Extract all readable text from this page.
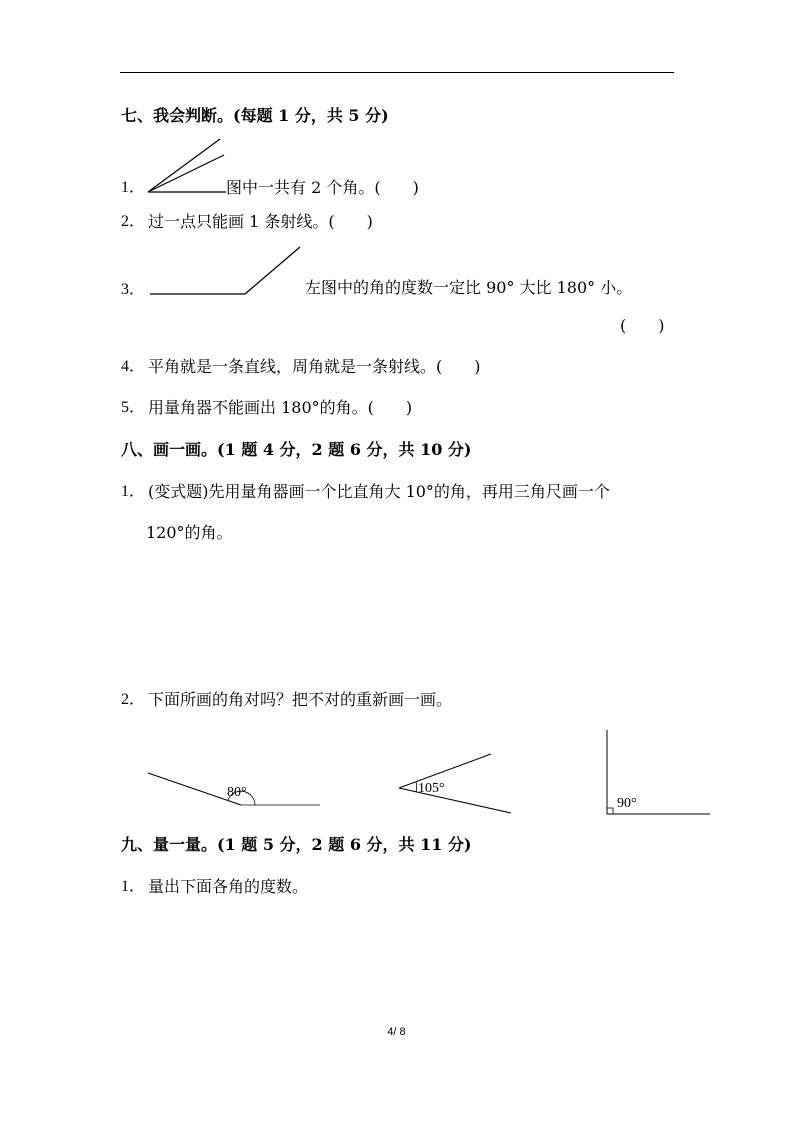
七、我会判断。(每题 1 分，共 5 分)
1．	图中一共有 2 个角。(　　)
2． 过一点只能画 1 条射线。(　　)
3．	左图中的角的度数一定比 90° 大比 180° 小。
(　　)
4． 平角就是一条直线，周角就是一条射线。(　　)
5． 用量角器不能画出 180°的角。(　　)
八、画一画。(1 题 4 分，2 题 6 分，共 10 分)
1． (变式题)先用量角器画一个比直角大 10°的角，再用三角尺画一个
120°的角。
2． 下面所画的角对吗？把不对的重新画一画。
80°	105°
90°
九、量一量。(1 题 5 分，2 题 6 分，共 11 分)
1． 量出下面各角的度数。
4/ 8
